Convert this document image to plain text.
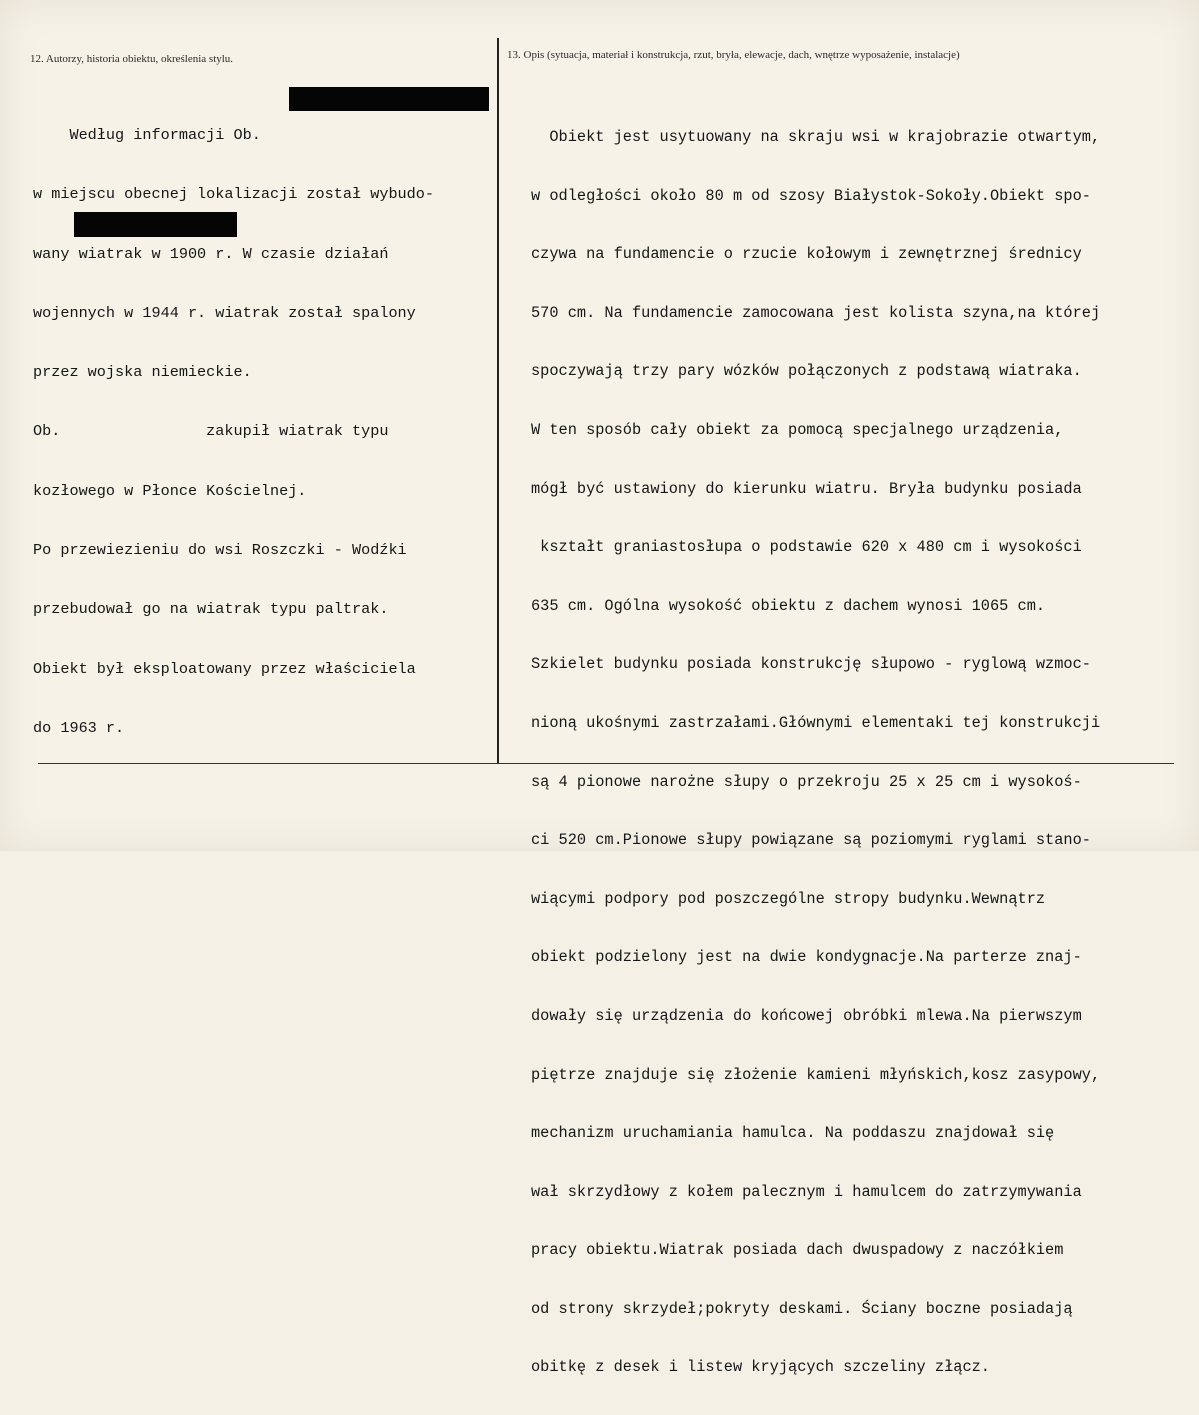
12. Autorzy, historia obiektu, określenia stylu.	13. Opis (sytuacja, materiał i konstrukcja, rzut, bryła, elewacje, dach, wnętrze wyposażenie, instalacje)

Według informacji Ob.

w miejscu obecnej lokalizacji został wybudo-

wany wiatrak w 1900 r. W czasie działań

wojennych w 1944 r. wiatrak został spalony

przez wojska niemieckie.

Ob.                zakupił wiatrak typu

kozłowego w Płonce Kościelnej.

Po przewiezieniu do wsi Roszczki - Wodźki

przebudował go na wiatrak typu paltrak.

Obiekt był eksploatowany przez właściciela

do 1963 r.

Obiekt jest usytuowany na skraju wsi w krajobrazie otwartym,

w odległości około 80 m od szosy Białystok-Sokoły.Obiekt spo-

czywa na fundamencie o rzucie kołowym i zewnętrznej średnicy

570 cm. Na fundamencie zamocowana jest kolista szyna,na której

spoczywają trzy pary wózków połączonych z podstawą wiatraka.

W ten sposób cały obiekt za pomocą specjalnego urządzenia,

mógł być ustawiony do kierunku wiatru. Bryła budynku posiada

kształt graniastosłupa o podstawie 620 x 480 cm i wysokości

635 cm. Ogólna wysokość obiektu z dachem wynosi 1065 cm.

Szkielet budynku posiada konstrukcję słupowo - ryglową wzmoc-

nioną ukośnymi zastrzałami.Głównymi elementaki tej konstrukcji

są 4 pionowe narożne słupy o przekroju 25 x 25 cm i wysokoś-

ci 520 cm.Pionowe słupy powiązane są poziomymi ryglami stano-

wiącymi podpory pod poszczególne stropy budynku.Wewnątrz

obiekt podzielony jest na dwie kondygnacje.Na parterze znaj-

dowały się urządzenia do końcowej obróbki mlewa.Na pierwszym

piętrze znajduje się złożenie kamieni młyńskich,kosz zasypowy,

mechanizm uruchamiania hamulca. Na poddaszu znajdował się

wał skrzydłowy z kołem palecznym i hamulcem do zatrzymywania

pracy obiektu.Wiatrak posiada dach dwuspadowy z naczółkiem

od strony skrzydeł;pokryty deskami. Ściany boczne posiadają

obitkę z desek i listew kryjących szczeliny złącz.
